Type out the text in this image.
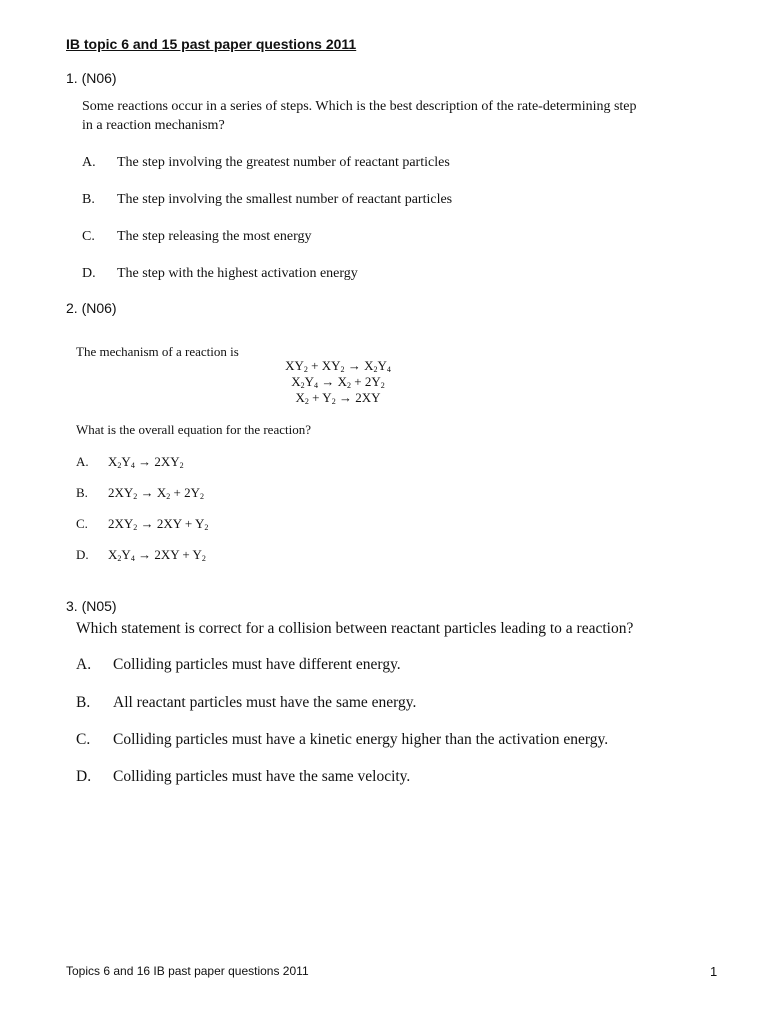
IB topic 6 and 15 past paper questions 2011
1. (N06)
Some reactions occur in a series of steps. Which is the best description of the rate-determining step
in a reaction mechanism?
A. The step involving the greatest number of reactant particles
B. The step involving the smallest number of reactant particles
C. The step releasing the most energy
D. The step with the highest activation energy
2. (N06)
The mechanism of a reaction is
$XY_2 + XY_2 \to X_2Y_4$
$X_2Y_4 \to X_2 + 2Y_2$
$X_2 + Y_2 \to 2XY$
What is the overall equation for the reaction?
A. $X_2Y_4 \to 2XY_2$
B. $2XY_2 \to X_2 + 2Y_2$
C. $2XY_2 \to 2XY + Y_2$
D. $X_2Y_4 \to 2XY + Y_2$
3. (N05)
Which statement is correct for a collision between reactant particles leading to a reaction?
A. Colliding particles must have different energy.
B. All reactant particles must have the same energy.
C. Colliding particles must have a kinetic energy higher than the activation energy.
D. Colliding particles must have the same velocity.
Topics 6 and 16 IB past paper questions 2011	1
